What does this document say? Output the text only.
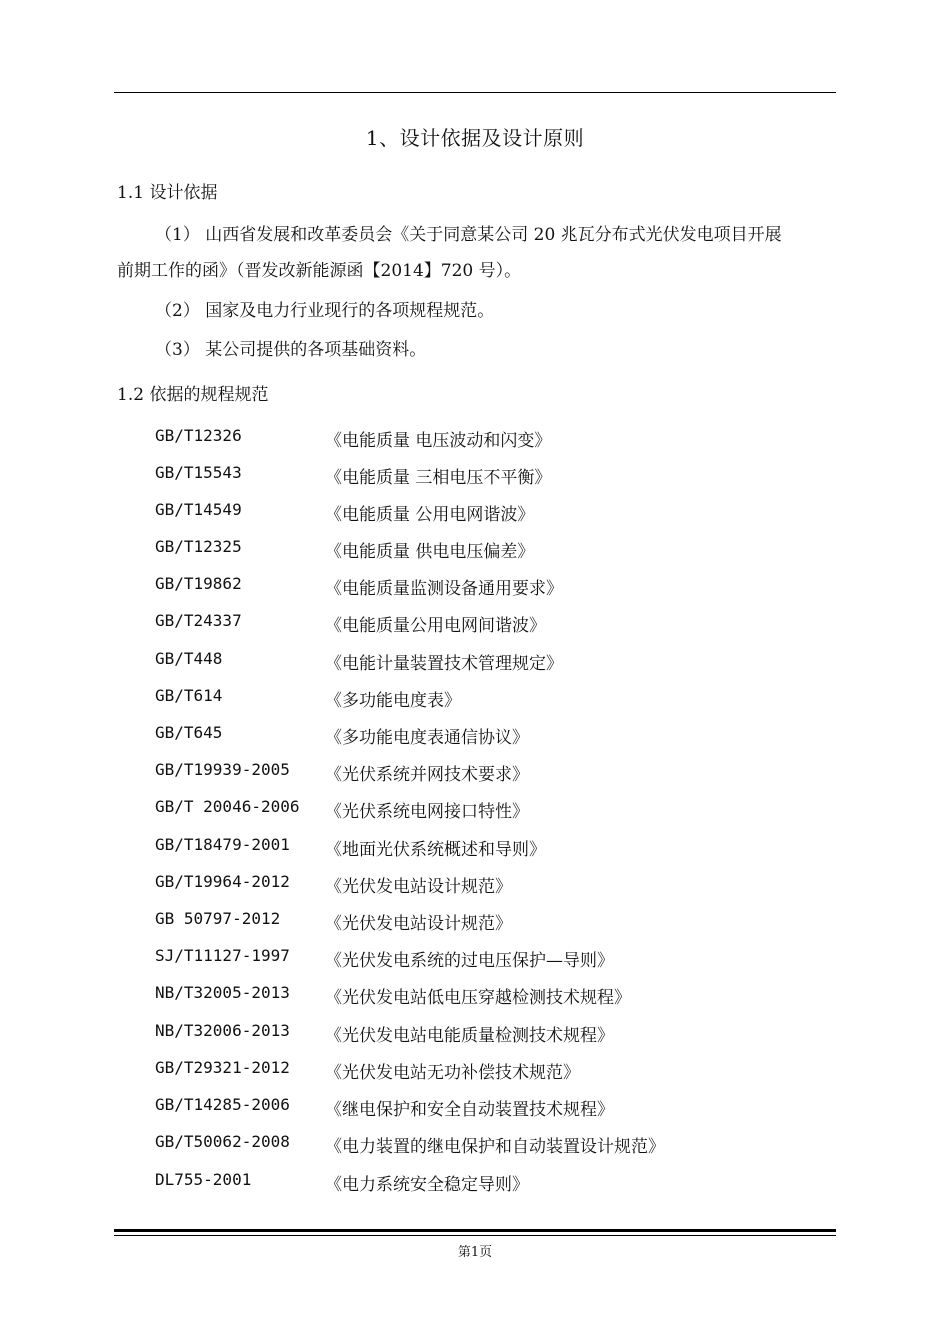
1、设计依据及设计原则
1.1 设计依据
（1） 山西省发展和改革委员会《关于同意某公司 20 兆瓦分布式光伏发电项目开展
前期工作的函》（晋发改新能源函【2014】720 号）。
（2） 国家及电力行业现行的各项规程规范。
（3） 某公司提供的各项基础资料。
1.2 依据的规程规范
GB/T12326	《电能质量 电压波动和闪变》
GB/T15543	《电能质量 三相电压不平衡》
GB/T14549	《电能质量 公用电网谐波》
GB/T12325	《电能质量 供电电压偏差》
GB/T19862	《电能质量监测设备通用要求》
GB/T24337	《电能质量公用电网间谐波》
GB/T448	《电能计量装置技术管理规定》
GB/T614	《多功能电度表》
GB/T645	《多功能电度表通信协议》
GB/T19939-2005 《光伏系统并网技术要求》
GB/T 20046-2006 《光伏系统电网接口特性》
GB/T18479-2001 《地面光伏系统概述和导则》
GB/T19964-2012 《光伏发电站设计规范》
GB 50797-2012	《光伏发电站设计规范》
SJ/T11127-1997 《光伏发电系统的过电压保护—导则》
NB/T32005-2013 《光伏发电站低电压穿越检测技术规程》
NB/T32006-2013 《光伏发电站电能质量检测技术规程》
GB/T29321-2012 《光伏发电站无功补偿技术规范》
GB/T14285-2006 《继电保护和安全自动装置技术规程》
GB/T50062-2008 《电力装置的继电保护和自动装置设计规范》
DL755-2001	《电力系统安全稳定导则》
第1页
